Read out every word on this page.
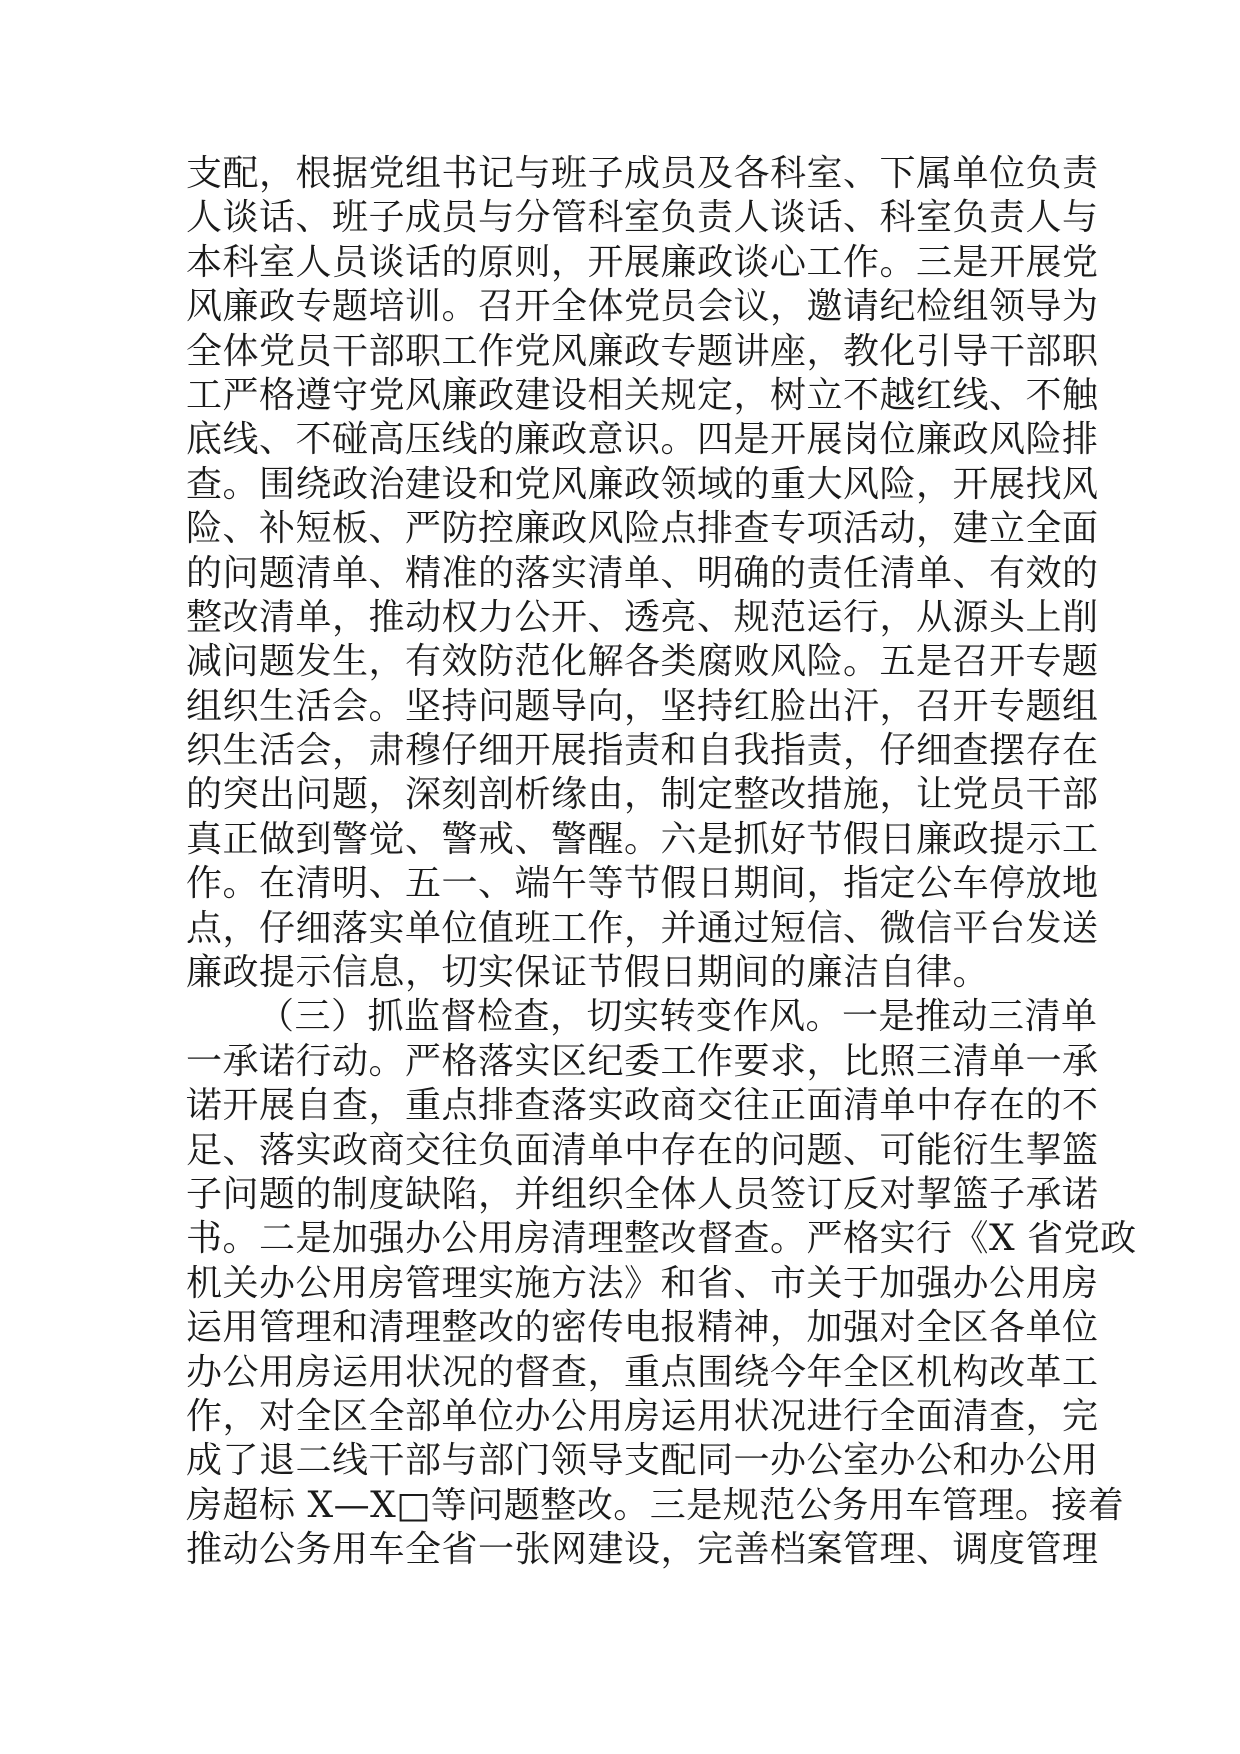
支配，根据党组书记与班子成员及各科室、下属单位负责
人谈话、班子成员与分管科室负责人谈话、科室负责人与
本科室人员谈话的原则，开展廉政谈心工作。三是开展党
风廉政专题培训。召开全体党员会议，邀请纪检组领导为
全体党员干部职工作党风廉政专题讲座，教化引导干部职
工严格遵守党风廉政建设相关规定，树立不越红线、不触
底线、不碰高压线的廉政意识。四是开展岗位廉政风险排
查。围绕政治建设和党风廉政领域的重大风险，开展找风
险、补短板、严防控廉政风险点排查专项活动，建立全面
的问题清单、精准的落实清单、明确的责任清单、有效的
整改清单，推动权力公开、透亮、规范运行，从源头上削
减问题发生，有效防范化解各类腐败风险。五是召开专题
组织生活会。坚持问题导向，坚持红脸出汗，召开专题组
织生活会，肃穆仔细开展指责和自我指责，仔细查摆存在
的突出问题，深刻剖析缘由，制定整改措施，让党员干部
真正做到警觉、警戒、警醒。六是抓好节假日廉政提示工
作。在清明、五一、端午等节假日期间，指定公车停放地
点，仔细落实单位值班工作，并通过短信、微信平台发送
廉政提示信息，切实保证节假日期间的廉洁自律。
（三）抓监督检查，切实转变作风。一是推动三清单
一承诺行动。严格落实区纪委工作要求，比照三清单一承
诺开展自查，重点排查落实政商交往正面清单中存在的不
足、落实政商交往负面清单中存在的问题、可能衍生挈篮
子问题的制度缺陷，并组织全体人员签订反对挈篮子承诺
书。二是加强办公用房清理整改督查。严格实行《X 省党政
机关办公用房管理实施方法》和省、市关于加强办公用房
运用管理和清理整改的密传电报精神，加强对全区各单位
办公用房运用状况的督查，重点围绕今年全区机构改革工
作，对全区全部单位办公用房运用状况进行全面清查，完
成了退二线干部与部门领导支配同一办公室办公和办公用
房超标 X—X□等问题整改。三是规范公务用车管理。接着
推动公务用车全省一张网建设，完善档案管理、调度管理
